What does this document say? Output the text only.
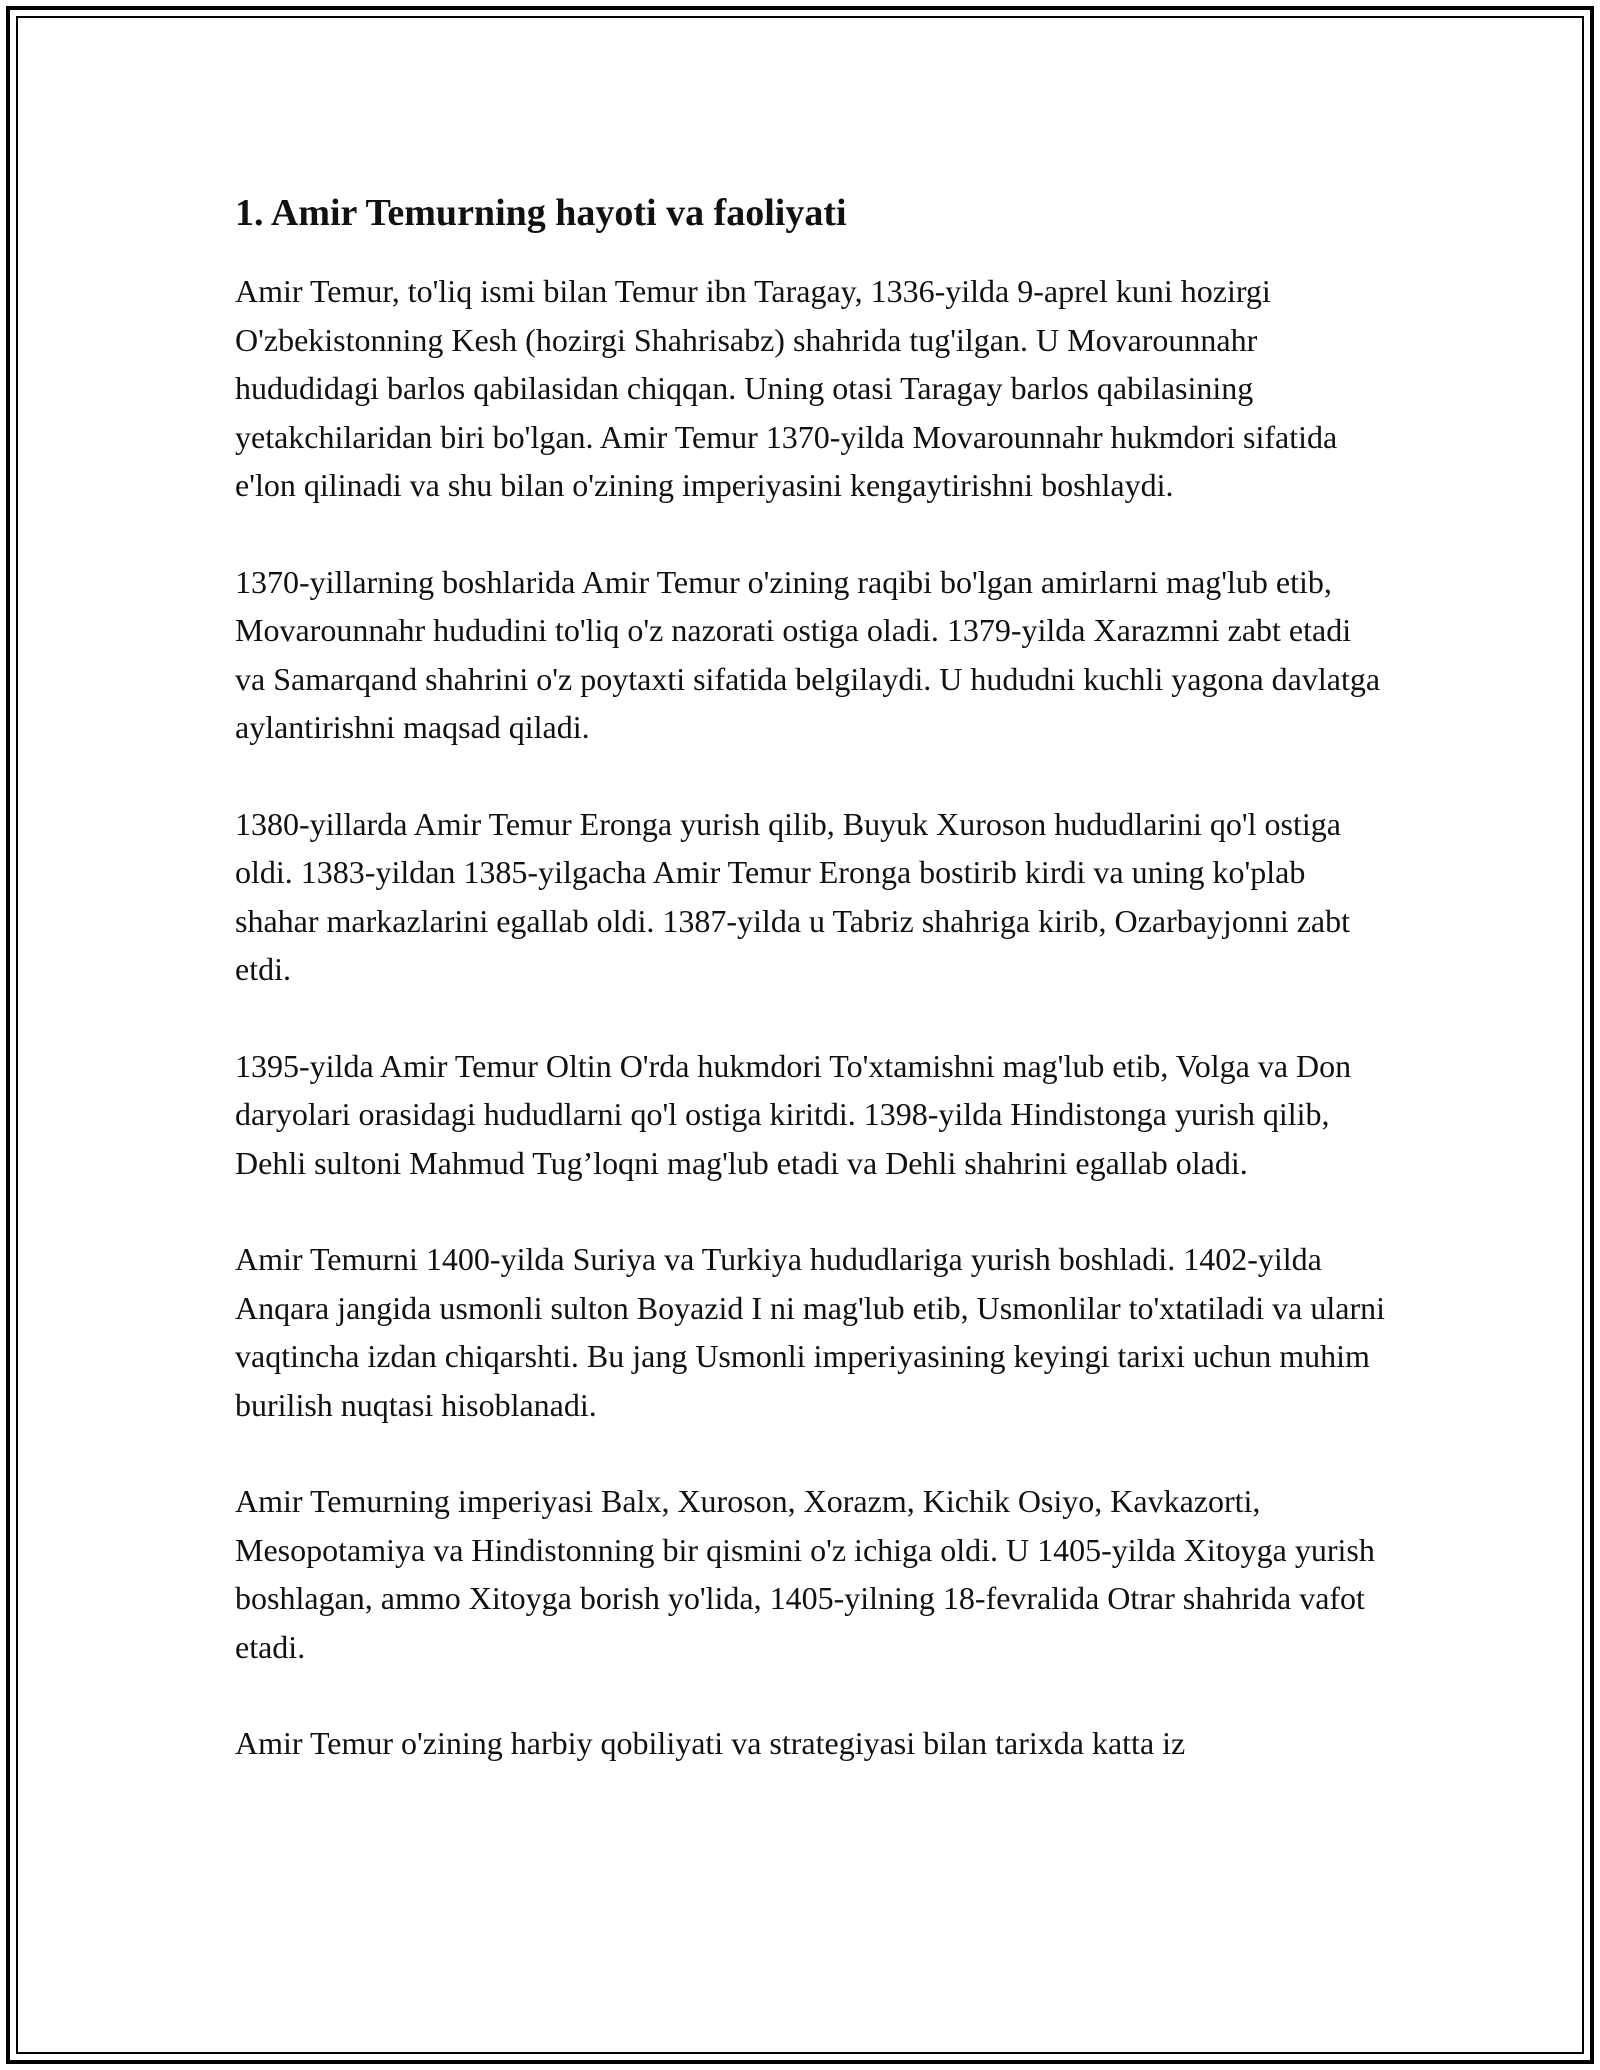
1. Amir Temurning hayoti va faoliyati

Amir Temur, to'liq ismi bilan Temur ibn Taragay, 1336-yilda 9-aprel kuni hozirgi O'zbekistonning Kesh (hozirgi Shahrisabz) shahrida tug'ilgan. U Movarounnahr hududidagi barlos qabilasidan chiqqan. Uning otasi Taragay barlos qabilasining yetakchilaridan biri bo'lgan. Amir Temur 1370-yilda Movarounnahr hukmdori sifatida e'lon qilinadi va shu bilan o'zining imperiyasini kengaytirishni boshlaydi.

1370-yillarning boshlarida Amir Temur o'zining raqibi bo'lgan amirlarni mag'lub etib, Movarounnahr hududini to'liq o'z nazorati ostiga oladi. 1379-yilda Xarazmni zabt etadi va Samarqand shahrini o'z poytaxti sifatida belgilaydi. U hududni kuchli yagona davlatga aylantirishni maqsad qiladi.

1380-yillarda Amir Temur Eronga yurish qilib, Buyuk Xuroson hududlarini qo'l ostiga oldi. 1383-yildan 1385-yilgacha Amir Temur Eronga bostirib kirdi va uning ko'plab shahar markazlarini egallab oldi. 1387-yilda u Tabriz shahriga kirib, Ozarbayjonni zabt etdi.

1395-yilda Amir Temur Oltin O'rda hukmdori To'xtamishni mag'lub etib, Volga va Don daryolari orasidagi hududlarni qo'l ostiga kiritdi. 1398-yilda Hindistonga yurish qilib, Dehli sultoni Mahmud Tug’loqni mag'lub etadi va Dehli shahrini egallab oladi.

Amir Temurni 1400-yilda Suriya va Turkiya hududlariga yurish boshladi. 1402-yilda Anqara jangida usmonli sulton Boyazid I ni mag'lub etib, Usmonlilar to'xtatiladi va ularni vaqtincha izdan chiqarshti. Bu jang Usmonli imperiyasining keyingi tarixi uchun muhim burilish nuqtasi hisoblanadi.

Amir Temurning imperiyasi Balx, Xuroson, Xorazm, Kichik Osiyo, Kavkazorti, Mesopotamiya va Hindistonning bir qismini o'z ichiga oldi. U 1405-yilda Xitoyga yurish boshlagan, ammo Xitoyga borish yo'lida, 1405-yilning 18-fevralida Otrar shahrida vafot etadi.

Amir Temur o'zining harbiy qobiliyati va strategiyasi bilan tarixda katta iz
